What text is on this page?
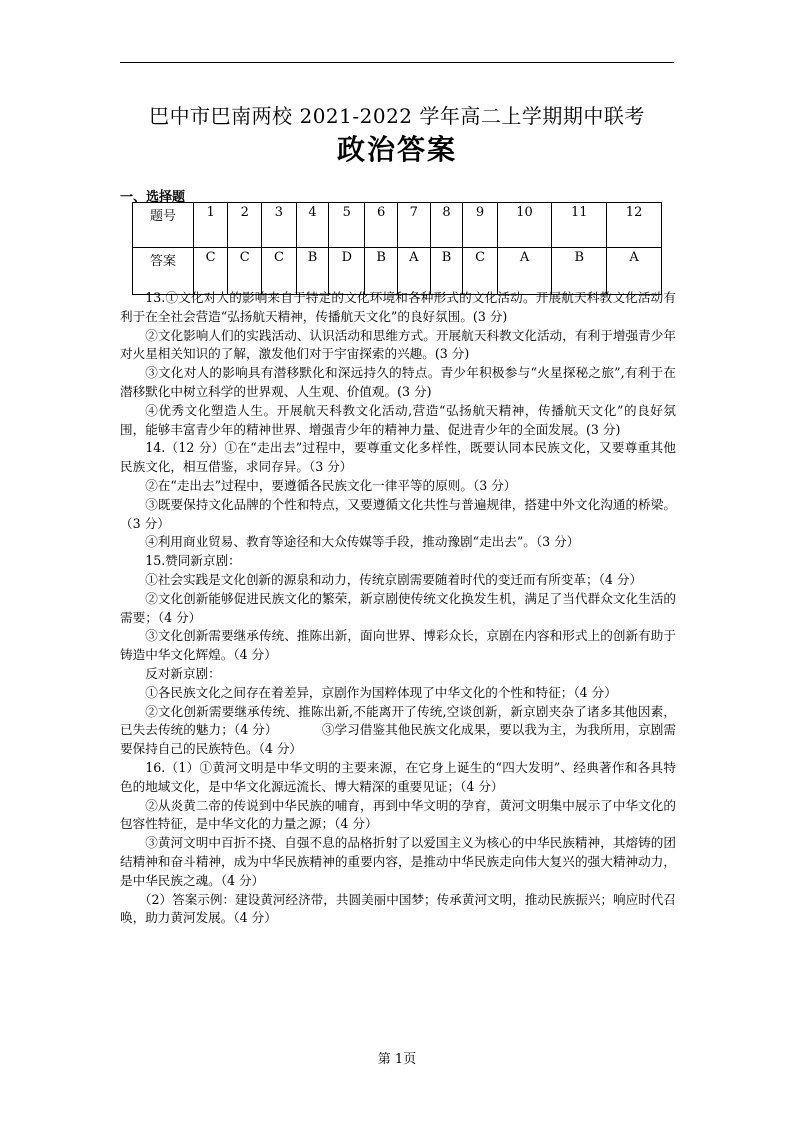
巴中市巴南两校 2021-2022 学年高二上学期期中联考
政治答案
一、选择题
题号	1	2	3	4	5	6	7	8	9	10	11	12
答案	C	C	C	B	D	B	A	B	C	A	B	A

13.①文化对人的影响来自于特定的文化环境和各种形式的文化活动。开展航天科教文化活动有利于在全社会营造“弘扬航天精神，传播航天文化”的良好氛围。(3 分)

②文化影响人们的实践活动、认识活动和思维方式。开展航天科教文化活动，有利于增强青少年对火星相关知识的了解，激发他们对于宇宙探索的兴趣。(3 分)

③文化对人的影响具有潜移默化和深远持久的特点。青少年积极参与“火星探秘之旅”,有利于在潜移默化中树立科学的世界观、人生观、价值观。(3 分)

④优秀文化塑造人生。开展航天科教文化活动,营造“弘扬航天精神，传播航天文化”的良好氛围，能够丰富青少年的精神世界、增强青少年的精神力量、促进青少年的全面发展。(3 分)

14.（12 分）①在“走出去”过程中，要尊重文化多样性，既要认同本民族文化，又要尊重其他民族文化，相互借鉴，求同存异。（3 分）

②在“走出去”过程中，要遵循各民族文化一律平等的原则。（3 分）

③既要保持文化品牌的个性和特点，又要遵循文化共性与普遍规律，搭建中外文化沟通的桥梁。（3 分）

④利用商业贸易、教育等途径和大众传媒等手段，推动豫剧“走出去”。（3 分）

15.赞同新京剧：

①社会实践是文化创新的源泉和动力，传统京剧需要随着时代的变迁而有所变革；（4 分）

②文化创新能够促进民族文化的繁荣，新京剧使传统文化换发生机，满足了当代群众文化生活的需要；（4 分）

③文化创新需要继承传统、推陈出新，面向世界、博彩众长，京剧在内容和形式上的创新有助于铸造中华文化辉煌。（4 分）

反对新京剧：

①各民族文化之间存在着差异，京剧作为国粹体现了中华文化的个性和特征；（4 分）

②文化创新需要继承传统、推陈出新,不能离开了传统,空谈创新，新京剧夹杂了诸多其他因素，已失去传统的魅力；（4 分）　　　　③学习借鉴其他民族文化成果，要以我为主，为我所用，京剧需要保持自己的民族特色。（4 分）

16.（1）①黄河文明是中华文明的主要来源，在它身上诞生的“四大发明”、经典著作和各具特色的地域文化，是中华文化源远流长、博大精深的重要见证；（4 分）

②从炎黄二帝的传说到中华民族的哺育，再到中华文明的孕育，黄河文明集中展示了中华文化的包容性特征，是中华文化的力量之源；（4 分）

③黄河文明中百折不挠、自强不息的品格折射了以爱国主义为核心的中华民族精神，其熔铸的团结精神和奋斗精神，成为中华民族精神的重要内容，是推动中华民族走向伟大复兴的强大精神动力，是中华民族之魂。（4 分）

（2）答案示例：建设黄河经济带，共圆美丽中国梦；传承黄河文明，推动民族振兴；响应时代召唤，助力黄河发展。（4 分）

第 1页
